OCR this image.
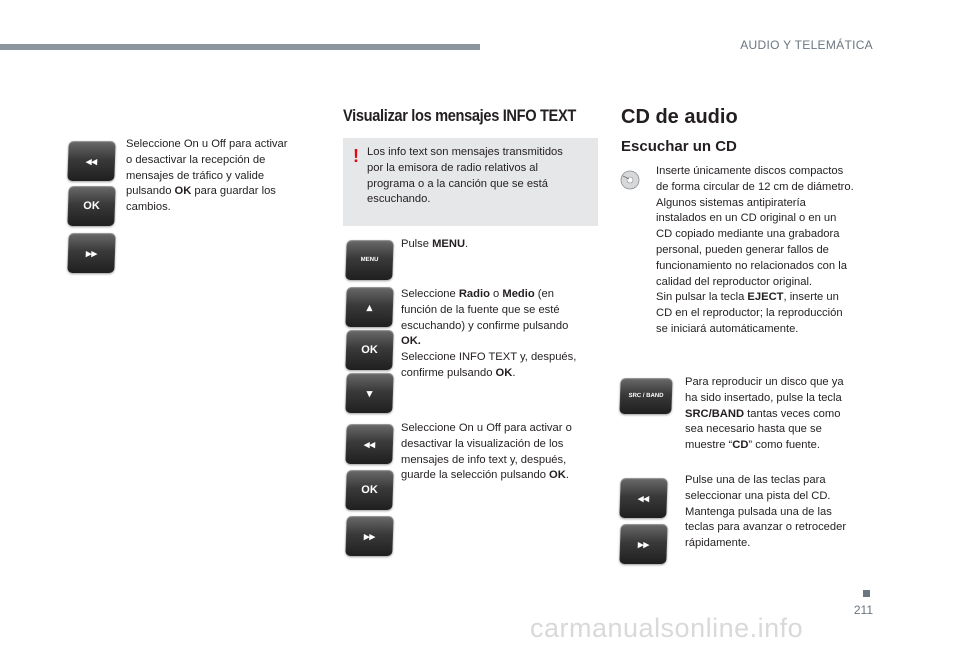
AUDIO Y TELEMÁTICA
◂◂
OK
▸▸
Seleccione On u Off para activar
o desactivar la recepción de
mensajes de tráfico y valide
pulsando OK para guardar los
cambios.
Visualizar los mensajes INFO TEXT
! Los info text son mensajes transmitidos
por la emisora de radio relativos al
programa o a la canción que se está
escuchando.
MENU
Pulse MENU.
▴
OK
▾
Seleccione Radio o Medio (en
función de la fuente que se esté
escuchando) y confirme pulsando
OK.
Seleccione INFO TEXT y, después,
confirme pulsando OK.
◂◂
OK
▸▸
Seleccione On u Off para activar o
desactivar la visualización de los
mensajes de info text y, después,
guarde la selección pulsando OK.
CD de audio
Escuchar un CD
Inserte únicamente discos compactos
de forma circular de 12 cm de diámetro.
Algunos sistemas antipiratería
instalados en un CD original o en un
CD copiado mediante una grabadora
personal, pueden generar fallos de
funcionamiento no relacionados con la
calidad del reproductor original.
Sin pulsar la tecla EJECT, inserte un
CD en el reproductor; la reproducción
se iniciará automáticamente.
SRC / BAND
Para reproducir un disco que ya
ha sido insertado, pulse la tecla
SRC/BAND tantas veces como
sea necesario hasta que se
muestre “CD” como fuente.
◂◂
▸▸
Pulse una de las teclas para
seleccionar una pista del CD.
Mantenga pulsada una de las
teclas para avanzar o retroceder
rápidamente.
211
carmanualsonline.info
